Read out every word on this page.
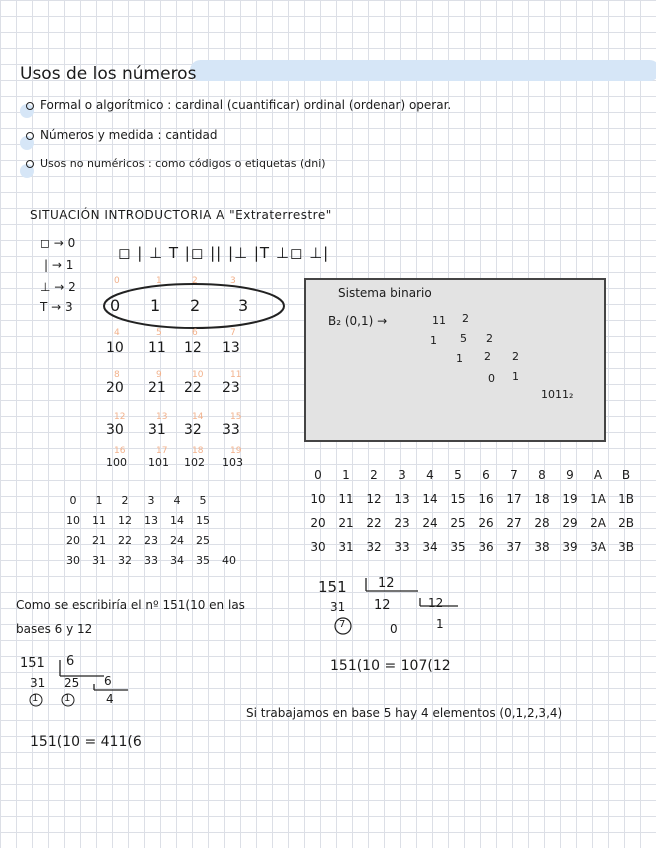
Usos de los números
Formal o algorítmico : cardinal (cuantificar) ordinal (ordenar) operar.
Números y medida : cantidad
Usos no numéricos : como códigos o etiquetas (dni)
SITUACIÓN INTRODUCTORIA A "Extraterrestre"
◻ → 0
| → 1
⊥ → 2
T → 3
◻ | ⊥ T |◻ || |⊥ |T ⊥◻ ⊥|
0 1 2 3
10 11 12 13
20 21 22 23
30 31 32 33
100 101 102 103
0	1	2	3
4	5	6	7
8	9	10	11
12	13	14	15
16	17	18	19
Sistema binario
B₂ (0,1) →	11 2
1 5 2
1 2 2
0 1
1011₂
0	1	2	3	4	5
10	11	12	13	14	15
20	21	22	23	24	25
30	31	32	33	34	35	40
0	1	2	3	4	5	6	7	8	9	A	B
10	11	12	13	14	15	16	17	18	19	1A	1B
20	21	22	23	24	25	26	27	28	29	2A	2B
30	31	32	33	34	35	36	37	38	39	3A	3B
Como se escribiría el nº 151(10 en las
bases 6 y 12
151 6
31 25 6
1	1	4
151(10 = 411(6
151 12
31 12	12
7	0	1
151(10 = 107(12
Si trabajamos en base 5 hay 4 elementos (0,1,2,3,4)
